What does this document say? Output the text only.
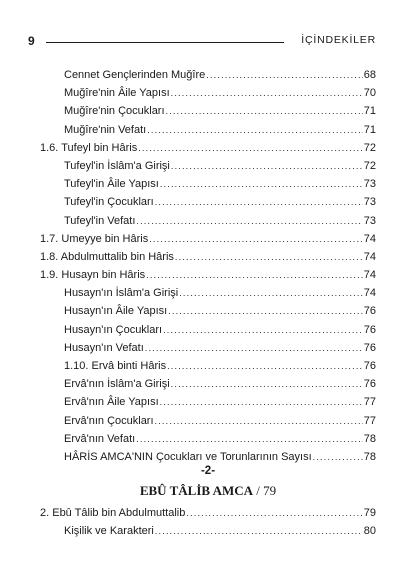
9	İÇİNDEKİLER
Cennet Gençlerinden Muğîre .....	68
Muğîre'nin Âile Yapısı .....	70
Muğîre'nin Çocukları .....	71
Muğîre'nin Vefatı .....	71
1.6. Tufeyl bin Hâris .....	72
Tufeyl'in İslâm'a Girişi .....	72
Tufeyl'in Âile Yapısı .....	73
Tufeyl'in Çocukları .....	73
Tufeyl'in Vefatı .....	73
1.7. Umeyye bin Hâris .....	74
1.8. Abdulmuttalib bin Hâris .....	74
1.9. Husayn bin Hâris .....	74
Husayn'ın İslâm'a Girişi .....	74
Husayn'ın Âile Yapısı .....	76
Husayn'ın Çocukları .....	76
Husayn'ın Vefatı .....	76
1.10. Ervâ binti Hâris .....	76
Ervâ'nın İslâm'a Girişi .....	76
Ervâ'nın Âile Yapısı .....	77
Ervâ'nın Çocukları .....	77
Ervâ'nın Vefatı .....	78
HÂRİS AMCA'NIN Çocukları ve Torunlarının Sayısı .....	78
-2-
EBÛ TÂLİB AMCA / 79
2. Ebû Tâlib bin Abdulmuttalib .....	79
Kişilik ve Karakteri .....	80
